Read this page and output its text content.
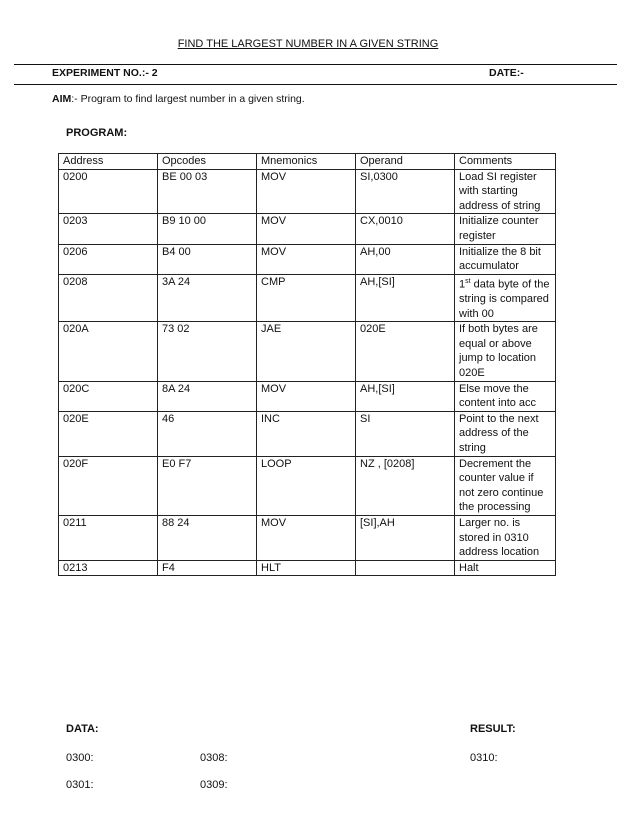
FIND THE LARGEST NUMBER IN A GIVEN STRING
EXPERIMENT NO.:- 2	DATE:-
AIM:- Program to find largest number in a given string.
PROGRAM:
Address	Opcodes	Mnemonics	Operand	Comments
0200	BE 00 03	MOV	SI,0300	Load SI register with starting address of string
0203	B9 10 00	MOV	CX,0010	Initialize counter register
0206	B4 00	MOV	AH,00	Initialize the 8 bit accumulator
0208	3A 24	CMP	AH,[SI]	1st data byte of the string is compared with 00
020A	73 02	JAE	020E	If both bytes are equal or above jump to location 020E
020C	8A 24	MOV	AH,[SI]	Else move the content into acc
020E	46	INC	SI	Point to the next address of the string
020F	E0 F7	LOOP	NZ , [0208]	Decrement the counter value if not zero continue the processing
0211	88 24	MOV	[SI],AH	Larger no. is stored in 0310 address location
0213	F4	HLT		Halt
DATA:	RESULT:
0300:	0308:	0310:
0301:	0309:
